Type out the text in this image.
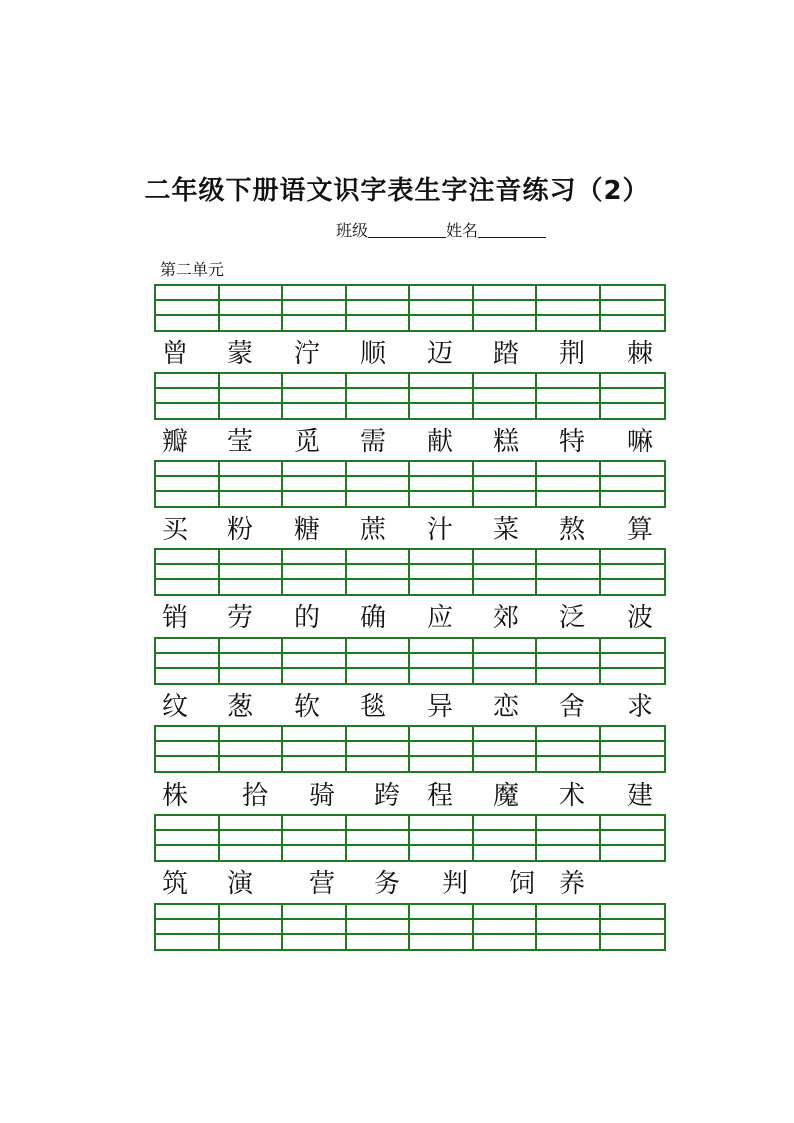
二年级下册语文识字表生字注音练习（2）
班级	姓名
第二单元
曾 蒙 泞 顺 迈 踏 荆 棘
瓣 莹 觅 需 献 糕 特 嘛
买 粉 糖 蔗 汁 菜 熬 算
销 劳 的 确 应 郊 泛 波
纹 葱 软 毯 异 恋 舍 求
株 拾 骑 跨 程 魔 术 建
筑 演 营 务 判 饲 养
